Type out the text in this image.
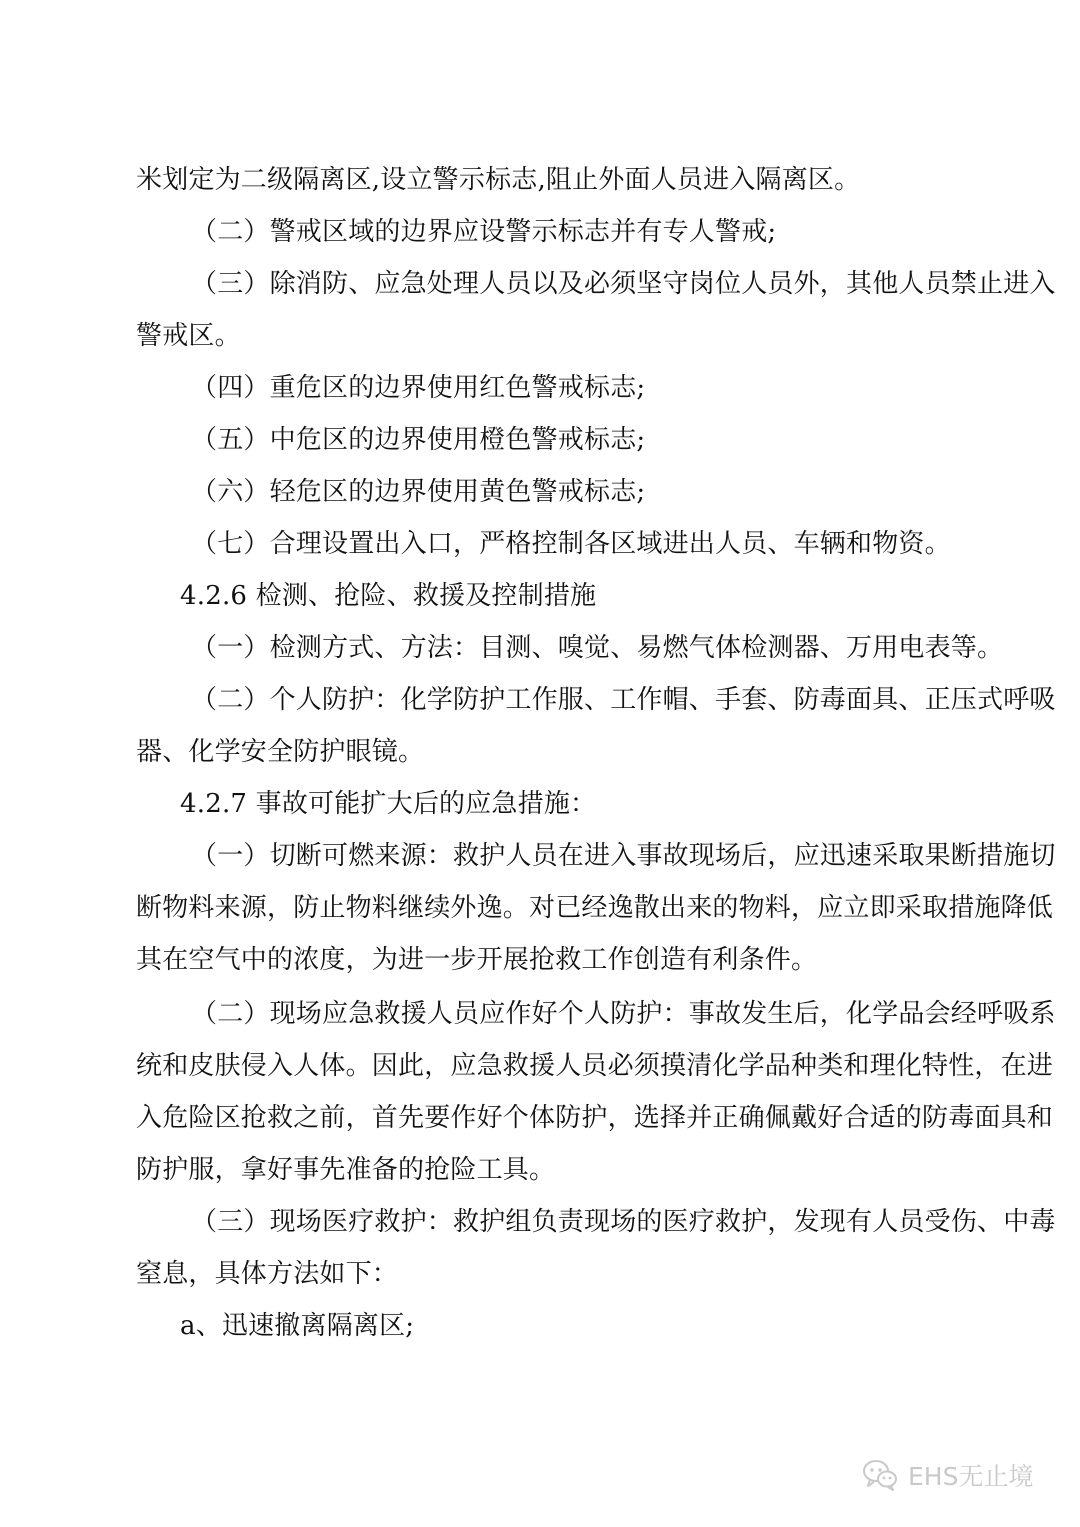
米划定为二级隔离区,设立警示标志,阻止外面人员进入隔离区。
（二）警戒区域的边界应设警示标志并有专人警戒;
（三）除消防、应急处理人员以及必须坚守岗位人员外，其他人员禁止进入
警戒区。
（四）重危区的边界使用红色警戒标志;
（五）中危区的边界使用橙色警戒标志;
（六）轻危区的边界使用黄色警戒标志;
（七）合理设置出入口，严格控制各区域进出人员、车辆和物资。
4.2.6 检测、抢险、救援及控制措施
（一）检测方式、方法：目测、嗅觉、易燃气体检测器、万用电表等。
（二）个人防护：化学防护工作服、工作帽、手套、防毒面具、正压式呼吸
器、化学安全防护眼镜。
4.2.7 事故可能扩大后的应急措施：
（一）切断可燃来源：救护人员在进入事故现场后，应迅速采取果断措施切
断物料来源，防止物料继续外逸。对已经逸散出来的物料，应立即采取措施降低
其在空气中的浓度，为进一步开展抢救工作创造有利条件。
（二）现场应急救援人员应作好个人防护：事故发生后，化学品会经呼吸系
统和皮肤侵入人体。因此，应急救援人员必须摸清化学品种类和理化特性，在进
入危险区抢救之前，首先要作好个体防护，选择并正确佩戴好合适的防毒面具和
防护服，拿好事先准备的抢险工具。
（三）现场医疗救护：救护组负责现场的医疗救护，发现有人员受伤、中毒
窒息，具体方法如下：
a、迅速撤离隔离区;
EHS无止境
